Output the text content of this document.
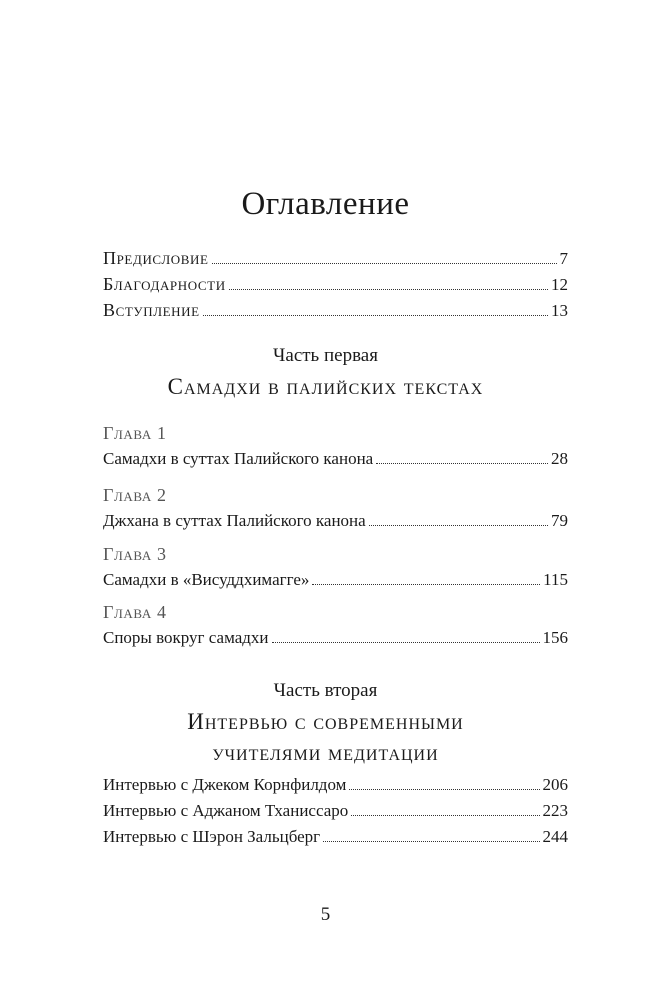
Оглавление
Предисловие	7
Благодарности	12
Вступление	13
Часть первая
Самадхи в палийских текстах
Глава 1
Самадхи в суттах Палийского канона	28
Глава 2
Джхана в суттах Палийского канона	79
Глава 3
Самадхи в «Висуддхимагге»	115
Глава 4
Споры вокруг самадхи	156
Часть вторая
Интервью с современными
учителями медитации
Интервью с Джеком Корнфилдом	206
Интервью с Аджаном Тханиссаро	223
Интервью с Шэрон Зальцберг	244
5
